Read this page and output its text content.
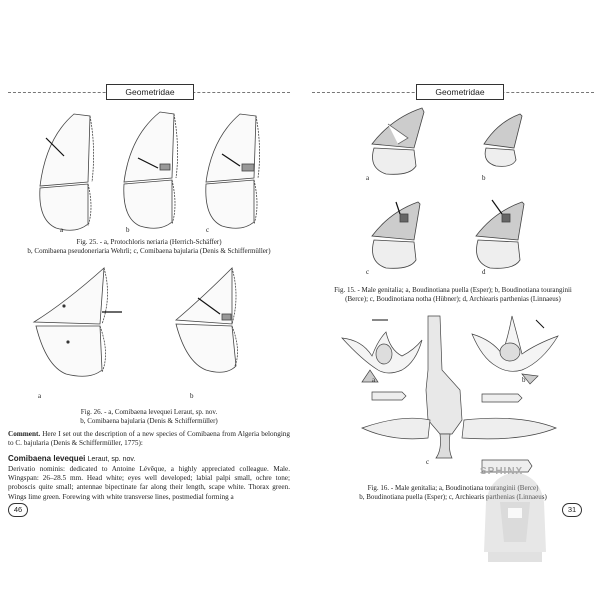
Geometridae
a	b	c
Fig. 25. - a, Protochloris neriaria (Herrich-Schäffer)
b, Comibaena pseudoneriaria Wehrli; c, Comibaena bajularia (Denis & Schiffermüller)
a	b
Fig. 26. - a, Comibaena levequei Leraut, sp. nov.
b, Comibaena bajularia (Denis & Schiffermüller)
Comment. Here I set out the description of a new species of Comibaena from Algeria belonging to C. bajularia (Denis & Schiffermüller, 1775):
Comibaena levequei Leraut, sp. nov.
Derivatio nominis: dedicated to Antoine Lévêque, a highly appreciated colleague. Male. Wingspan: 26–28.5 mm. Head white; eyes well developed; labial palpi small, ochre tone; proboscis quite small; antennae bipectinate far along their length, scape white. Thorax green. Wings lime green. Forewing with white transverse lines, postmedial forming a
46
Geometridae
a	b
c	d
Fig. 15. - Male genitalia; a, Boudinotiana puella (Esper); b, Boudinotiana touranginii
(Berce); c, Boudinotiana notha (Hübner); d, Archiearis parthenias (Linnaeus)
a	b
c
Fig. 16. - Male genitalia; a, Boudinotiana touranginii (Berce)
b, Boudinotiana puella (Esper); c, Archiearis parthenias (Linnaeus)
31
SPHINX
